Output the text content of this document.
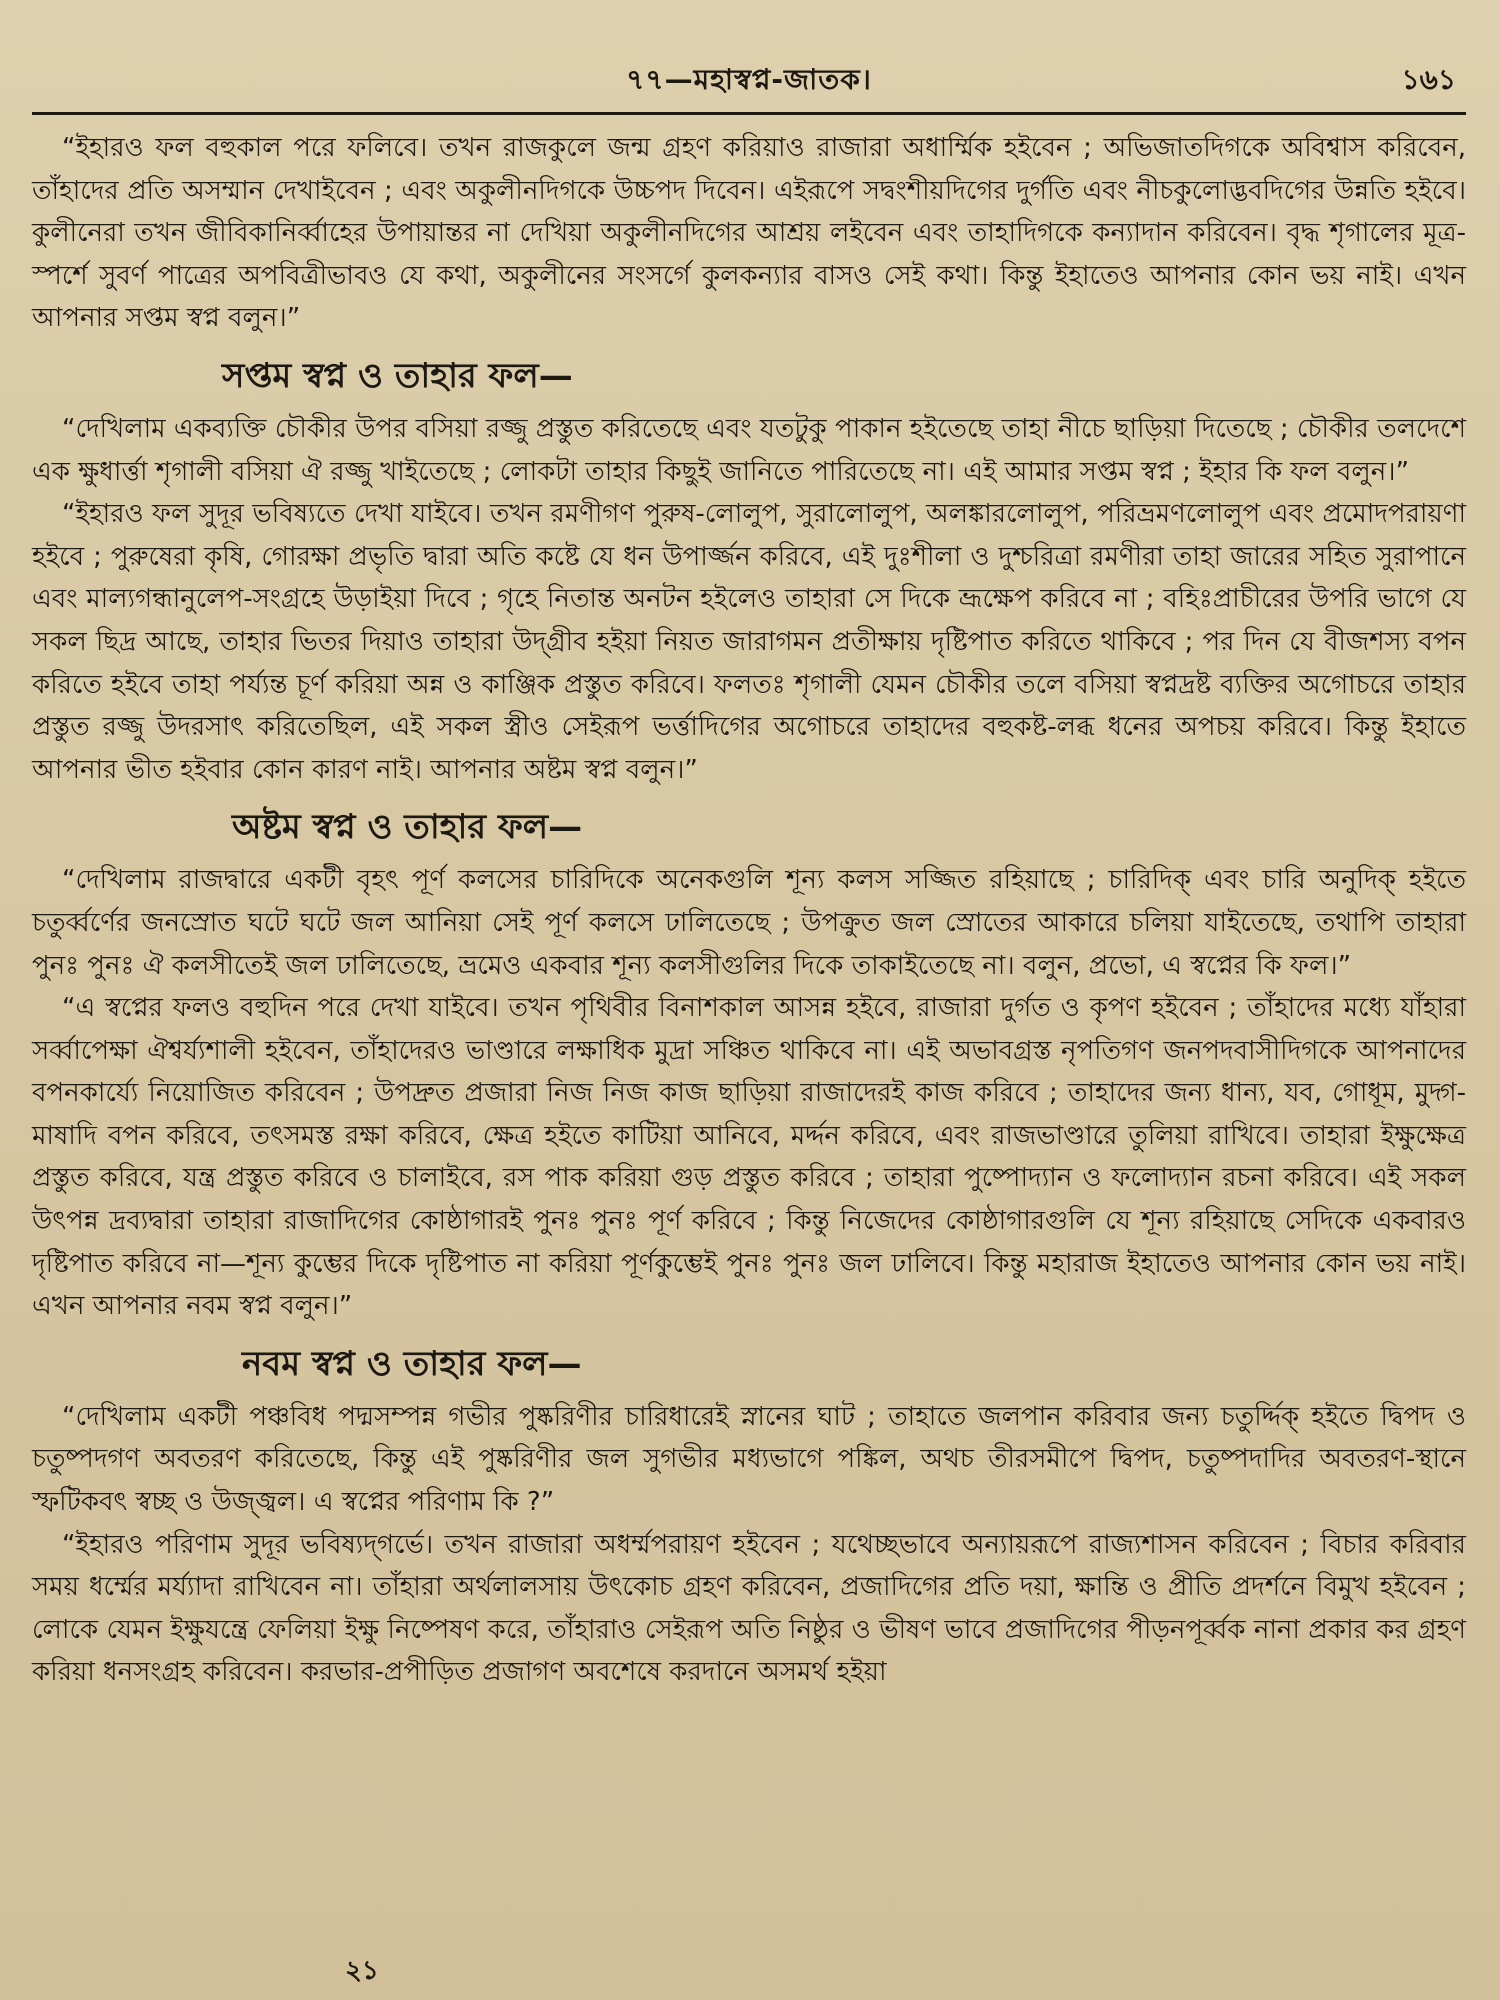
৭৭—মহাস্বপ্ন-জাতক।	১৬১

“ইহারও ফল বহুকাল পরে ফলিবে। তখন রাজকুলে জন্ম গ্রহণ করিয়াও রাজারা অধার্ম্মিক হইবেন ; অভিজাতদিগকে অবিশ্বাস করিবেন, তাঁহাদের প্রতি অসম্মান দেখাইবেন ; এবং অকুলীনদিগকে উচ্চপদ দিবেন। এইরূপে সদ্বংশীয়দিগের দুর্গতি এবং নীচকুলোদ্ভবদিগের উন্নতি হইবে। কুলীনেরা তখন জীবিকানির্ব্বাহের উপায়ান্তর না দেখিয়া অকুলীনদিগের আশ্রয় লইবেন এবং তাহাদিগকে কন্যাদান করিবেন। বৃদ্ধ শৃগালের মূত্র-স্পর্শে সুবর্ণ পাত্রের অপবিত্রীভাবও যে কথা, অকুলীনের সংসর্গে কুলকন্যার বাসও সেই কথা। কিন্তু ইহাতেও আপনার কোন ভয় নাই। এখন আপনার সপ্তম স্বপ্ন বলুন।”

সপ্তম স্বপ্ন ও তাহার ফল—

“দেখিলাম একব্যক্তি চৌকীর উপর বসিয়া রজ্জু প্রস্তুত করিতেছে এবং যতটুকু পাকান হইতেছে তাহা নীচে ছাড়িয়া দিতেছে ; চৌকীর তলদেশে এক ক্ষুধার্ত্তা শৃগালী বসিয়া ঐ রজ্জু খাইতেছে ; লোকটা তাহার কিছুই জানিতে পারিতেছে না। এই আমার সপ্তম স্বপ্ন ; ইহার কি ফল বলুন।”

“ইহারও ফল সুদূর ভবিষ্যতে দেখা যাইবে। তখন রমণীগণ পুরুষ-লোলুপ, সুরালোলুপ, অলঙ্কারলোলুপ, পরিভ্রমণলোলুপ এবং প্রমোদপরায়ণা হইবে ; পুরুষেরা কৃষি, গোরক্ষা প্রভৃতি দ্বারা অতি কষ্টে যে ধন উপার্জ্জন করিবে, এই দুঃশীলা ও দুশ্চরিত্রা রমণীরা তাহা জারের সহিত সুরাপানে এবং মাল্যগন্ধানুলেপ-সংগ্রহে উড়াইয়া দিবে ; গৃহে নিতান্ত অনটন হইলেও তাহারা সে দিকে ভ্রূক্ষেপ করিবে না ; বহিঃপ্রাচীরের উপরি ভাগে যে সকল ছিদ্র আছে, তাহার ভিতর দিয়াও তাহারা উদ্গ্রীব হইয়া নিয়ত জারাগমন প্রতীক্ষায় দৃষ্টিপাত করিতে থাকিবে ; পর দিন যে বীজশস্য বপন করিতে হইবে তাহা পর্য্যন্ত চূর্ণ করিয়া অন্ন ও কাঞ্জিক প্রস্তুত করিবে। ফলতঃ শৃগালী যেমন চৌকীর তলে বসিয়া স্বপ্নদ্রষ্ট ব্যক্তির অগোচরে তাহার প্রস্তুত রজ্জু উদরসাৎ করিতেছিল, এই সকল স্ত্রীও সেইরূপ ভর্ত্তাদিগের অগোচরে তাহাদের বহুকষ্ট-লব্ধ ধনের অপচয় করিবে। কিন্তু ইহাতে আপনার ভীত হইবার কোন কারণ নাই। আপনার অষ্টম স্বপ্ন বলুন।”

অষ্টম স্বপ্ন ও তাহার ফল—

“দেখিলাম রাজদ্বারে একটী বৃহৎ পূর্ণ কলসের চারিদিকে অনেকগুলি শূন্য কলস সজ্জিত রহিয়াছে ; চারিদিক্ এবং চারি অনুদিক্ হইতে চতুর্ব্বর্ণের জনস্রোত ঘটে ঘটে জল আনিয়া সেই পূর্ণ কলসে ঢালিতেছে ; উপক্রুত জল স্রোতের আকারে চলিয়া যাইতেছে, তথাপি তাহারা পুনঃ পুনঃ ঐ কলসীতেই জল ঢালিতেছে, ভ্রমেও একবার শূন্য কলসীগুলির দিকে তাকাইতেছে না। বলুন, প্রভো, এ স্বপ্নের কি ফল।”

“এ স্বপ্নের ফলও বহুদিন পরে দেখা যাইবে। তখন পৃথিবীর বিনাশকাল আসন্ন হইবে, রাজারা দুর্গত ও কৃপণ হইবেন ; তাঁহাদের মধ্যে যাঁহারা সর্ব্বাপেক্ষা ঐশ্বর্য্যশালী হইবেন, তাঁহাদেরও ভাণ্ডারে লক্ষাধিক মুদ্রা সঞ্চিত থাকিবে না। এই অভাবগ্রস্ত নৃপতিগণ জনপদবাসীদিগকে আপনাদের বপনকার্য্যে নিয়োজিত করিবেন ; উপদ্রুত প্রজারা নিজ নিজ কাজ ছাড়িয়া রাজাদেরই কাজ করিবে ; তাহাদের জন্য ধান্য, যব, গোধূম, মুদ্গ-মাষাদি বপন করিবে, তৎসমস্ত রক্ষা করিবে, ক্ষেত্র হইতে কাটিয়া আনিবে, মর্দ্দন করিবে, এবং রাজভাণ্ডারে তুলিয়া রাখিবে। তাহারা ইক্ষুক্ষেত্র প্রস্তুত করিবে, যন্ত্র প্রস্তুত করিবে ও চালাইবে, রস পাক করিয়া গুড় প্রস্তুত করিবে ; তাহারা পুষ্পোদ্যান ও ফলোদ্যান রচনা করিবে। এই সকল উৎপন্ন দ্রব্যদ্বারা তাহারা রাজাদিগের কোষ্ঠাগারই পুনঃ পুনঃ পূর্ণ করিবে ; কিন্তু নিজেদের কোষ্ঠাগারগুলি যে শূন্য রহিয়াছে সেদিকে একবারও দৃষ্টিপাত করিবে না—শূন্য কুম্ভের দিকে দৃষ্টিপাত না করিয়া পূর্ণকুম্ভেই পুনঃ পুনঃ জল ঢালিবে। কিন্তু মহারাজ ইহাতেও আপনার কোন ভয় নাই। এখন আপনার নবম স্বপ্ন বলুন।”

নবম স্বপ্ন ও তাহার ফল—

“দেখিলাম একটী পঞ্চবিধ পদ্মসম্পন্ন গভীর পুষ্করিণীর চারিধারেই স্নানের ঘাট ; তাহাতে জলপান করিবার জন্য চতুর্দ্দিক্ হইতে দ্বিপদ ও চতুষ্পদগণ অবতরণ করিতেছে, কিন্তু এই পুষ্করিণীর জল সুগভীর মধ্যভাগে পঙ্কিল, অথচ তীরসমীপে দ্বিপদ, চতুষ্পদাদির অবতরণ-স্থানে স্ফটিকবৎ স্বচ্ছ ও উজ্জ্বল। এ স্বপ্নের পরিণাম কি ?”

“ইহারও পরিণাম সুদূর ভবিষ্যদ্‌গর্ভে। তখন রাজারা অধর্ম্মপরায়ণ হইবেন ; যথেচ্ছভাবে অন্যায়রূপে রাজ্যশাসন করিবেন ; বিচার করিবার সময় ধর্ম্মের মর্য্যাদা রাখিবেন না। তাঁহারা অর্থলালসায় উৎকোচ গ্রহণ করিবেন, প্রজাদিগের প্রতি দয়া, ক্ষান্তি ও প্রীতি প্রদর্শনে বিমুখ হইবেন ; লোকে যেমন ইক্ষুযন্ত্রে ফেলিয়া ইক্ষু নিষ্পেষণ করে, তাঁহারাও সেইরূপ অতি নিষ্ঠুর ও ভীষণ ভাবে প্রজাদিগের পীড়নপূর্ব্বক নানা প্রকার কর গ্রহণ করিয়া ধনসংগ্রহ করিবেন। করভার-প্রপীড়িত প্রজাগণ অবশেষে করদানে অসমর্থ হইয়া

২১
